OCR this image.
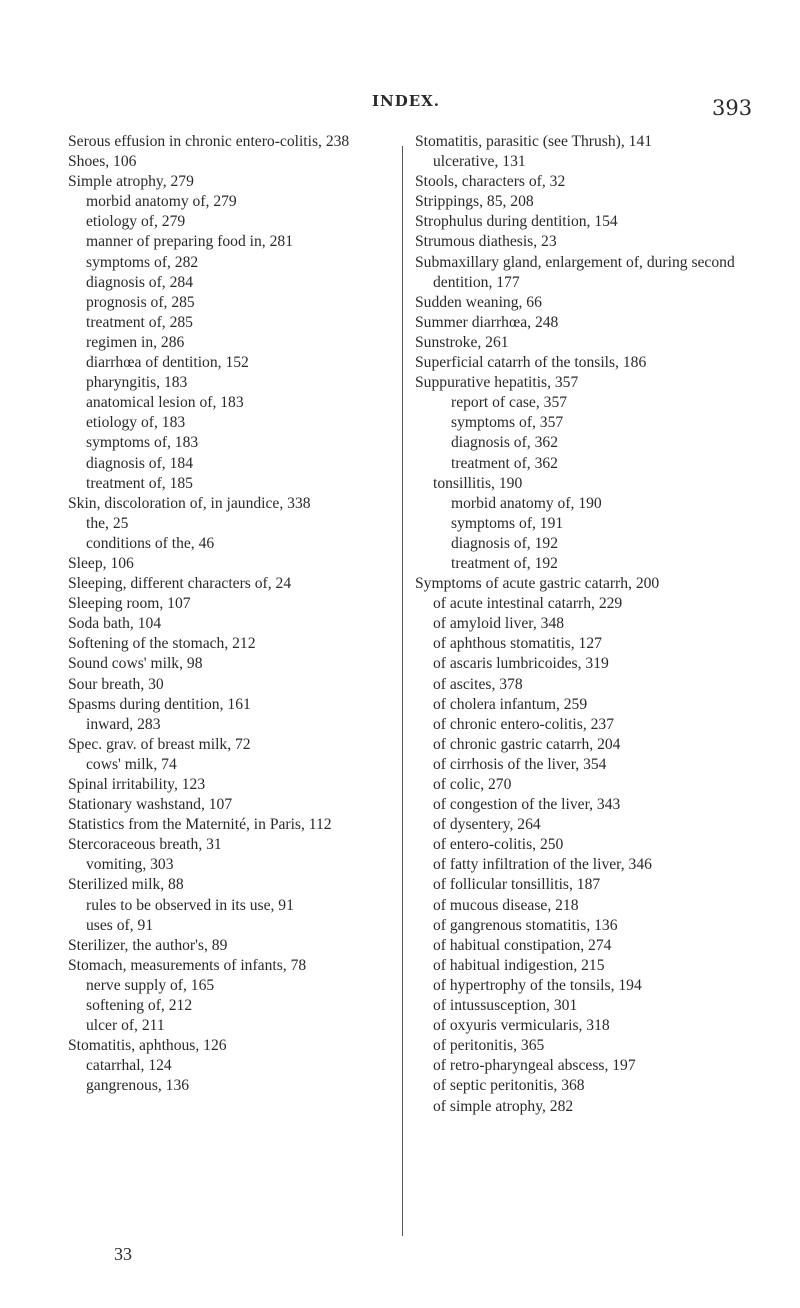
INDEX.	393
Serous effusion in chronic entero-colitis, 238
Shoes, 106
Simple atrophy, 279
morbid anatomy of, 279
etiology of, 279
manner of preparing food in, 281
symptoms of, 282
diagnosis of, 284
prognosis of, 285
treatment of, 285
regimen in, 286
diarrhœa of dentition, 152
pharyngitis, 183
anatomical lesion of, 183
etiology of, 183
symptoms of, 183
diagnosis of, 184
treatment of, 185
Skin, discoloration of, in jaundice, 338
the, 25
conditions of the, 46
Sleep, 106
Sleeping, different characters of, 24
Sleeping room, 107
Soda bath, 104
Softening of the stomach, 212
Sound cows' milk, 98
Sour breath, 30
Spasms during dentition, 161
inward, 283
Spec. grav. of breast milk, 72
cows' milk, 74
Spinal irritability, 123
Stationary washstand, 107
Statistics from the Maternité, in Paris, 112
Stercoraceous breath, 31
vomiting, 303
Sterilized milk, 88
rules to be observed in its use, 91
uses of, 91
Sterilizer, the author's, 89
Stomach, measurements of infants, 78
nerve supply of, 165
softening of, 212
ulcer of, 211
Stomatitis, aphthous, 126
catarrhal, 124
gangrenous, 136
Stomatitis, parasitic (see Thrush), 141
ulcerative, 131
Stools, characters of, 32
Strippings, 85, 208
Strophulus during dentition, 154
Strumous diathesis, 23
Submaxillary gland, enlargement of, during second dentition, 177
Sudden weaning, 66
Summer diarrhœa, 248
Sunstroke, 261
Superficial catarrh of the tonsils, 186
Suppurative hepatitis, 357
report of case, 357
symptoms of, 357
diagnosis of, 362
treatment of, 362
tonsillitis, 190
morbid anatomy of, 190
symptoms of, 191
diagnosis of, 192
treatment of, 192
Symptoms of acute gastric catarrh, 200
of acute intestinal catarrh, 229
of amyloid liver, 348
of aphthous stomatitis, 127
of ascaris lumbricoides, 319
of ascites, 378
of cholera infantum, 259
of chronic entero-colitis, 237
of chronic gastric catarrh, 204
of cirrhosis of the liver, 354
of colic, 270
of congestion of the liver, 343
of dysentery, 264
of entero-colitis, 250
of fatty infiltration of the liver, 346
of follicular tonsillitis, 187
of mucous disease, 218
of gangrenous stomatitis, 136
of habitual constipation, 274
of habitual indigestion, 215
of hypertrophy of the tonsils, 194
of intussusception, 301
of oxyuris vermicularis, 318
of peritonitis, 365
of retro-pharyngeal abscess, 197
of septic peritonitis, 368
of simple atrophy, 282
33
